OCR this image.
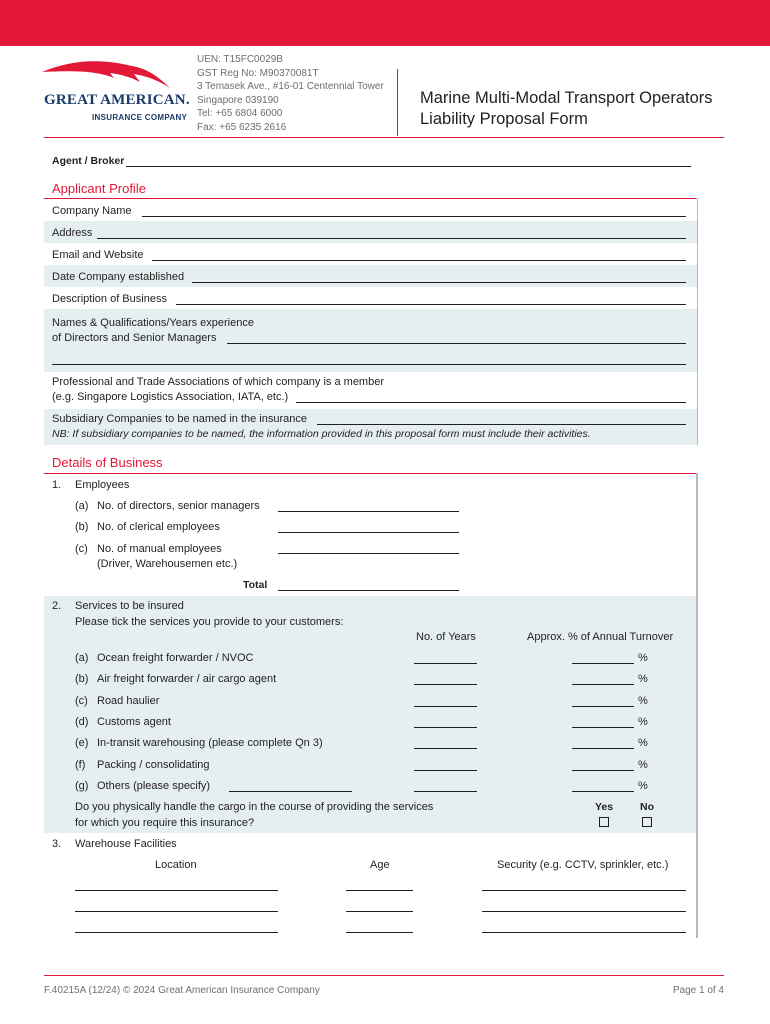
GREAT AMERICAN.
INSURANCE COMPANY
UEN: T15FC0029B
GST Reg No: M90370081T
3 Temasek Ave., #16-01 Centennial Tower
Singapore 039190
Tel: +65 6804 6000
Fax: +65 6235 2616
Marine Multi-Modal Transport Operators
Liability Proposal Form
Agent / Broker
Applicant Profile
Company Name
Address
Email and Website
Date Company established
Description of Business
Names & Qualifications/Years experience
of Directors and Senior Managers
Professional and Trade Associations of which company is a member
(e.g. Singapore Logistics Association, IATA, etc.)
Subsidiary Companies to be named in the insurance
NB: If subsidiary companies to be named, the information provided in this proposal form must include their activities.
Details of Business
1. Employees
(a) No. of directors, senior managers
(b) No. of clerical employees
(c) No. of manual employees
(Driver, Warehousemen etc.)
Total
2. Services to be insured
Please tick the services you provide to your customers:
No. of Years	Approx. % of Annual Turnover
(a) Ocean freight forwarder / NVOC	%
(b) Air freight forwarder / air cargo agent	%
(c) Road haulier	%
(d) Customs agent	%
(e) In-transit warehousing (please complete Qn 3)	%
(f) Packing / consolidating	%
(g) Others (please specify)	%
Do you physically handle the cargo in the course of providing the services
for which you require this insurance?
Yes	No
3. Warehouse Facilities
Location	Age	Security (e.g. CCTV, sprinkler, etc.)
F.40215A (12/24) © 2024 Great American Insurance Company	Page 1 of 4
